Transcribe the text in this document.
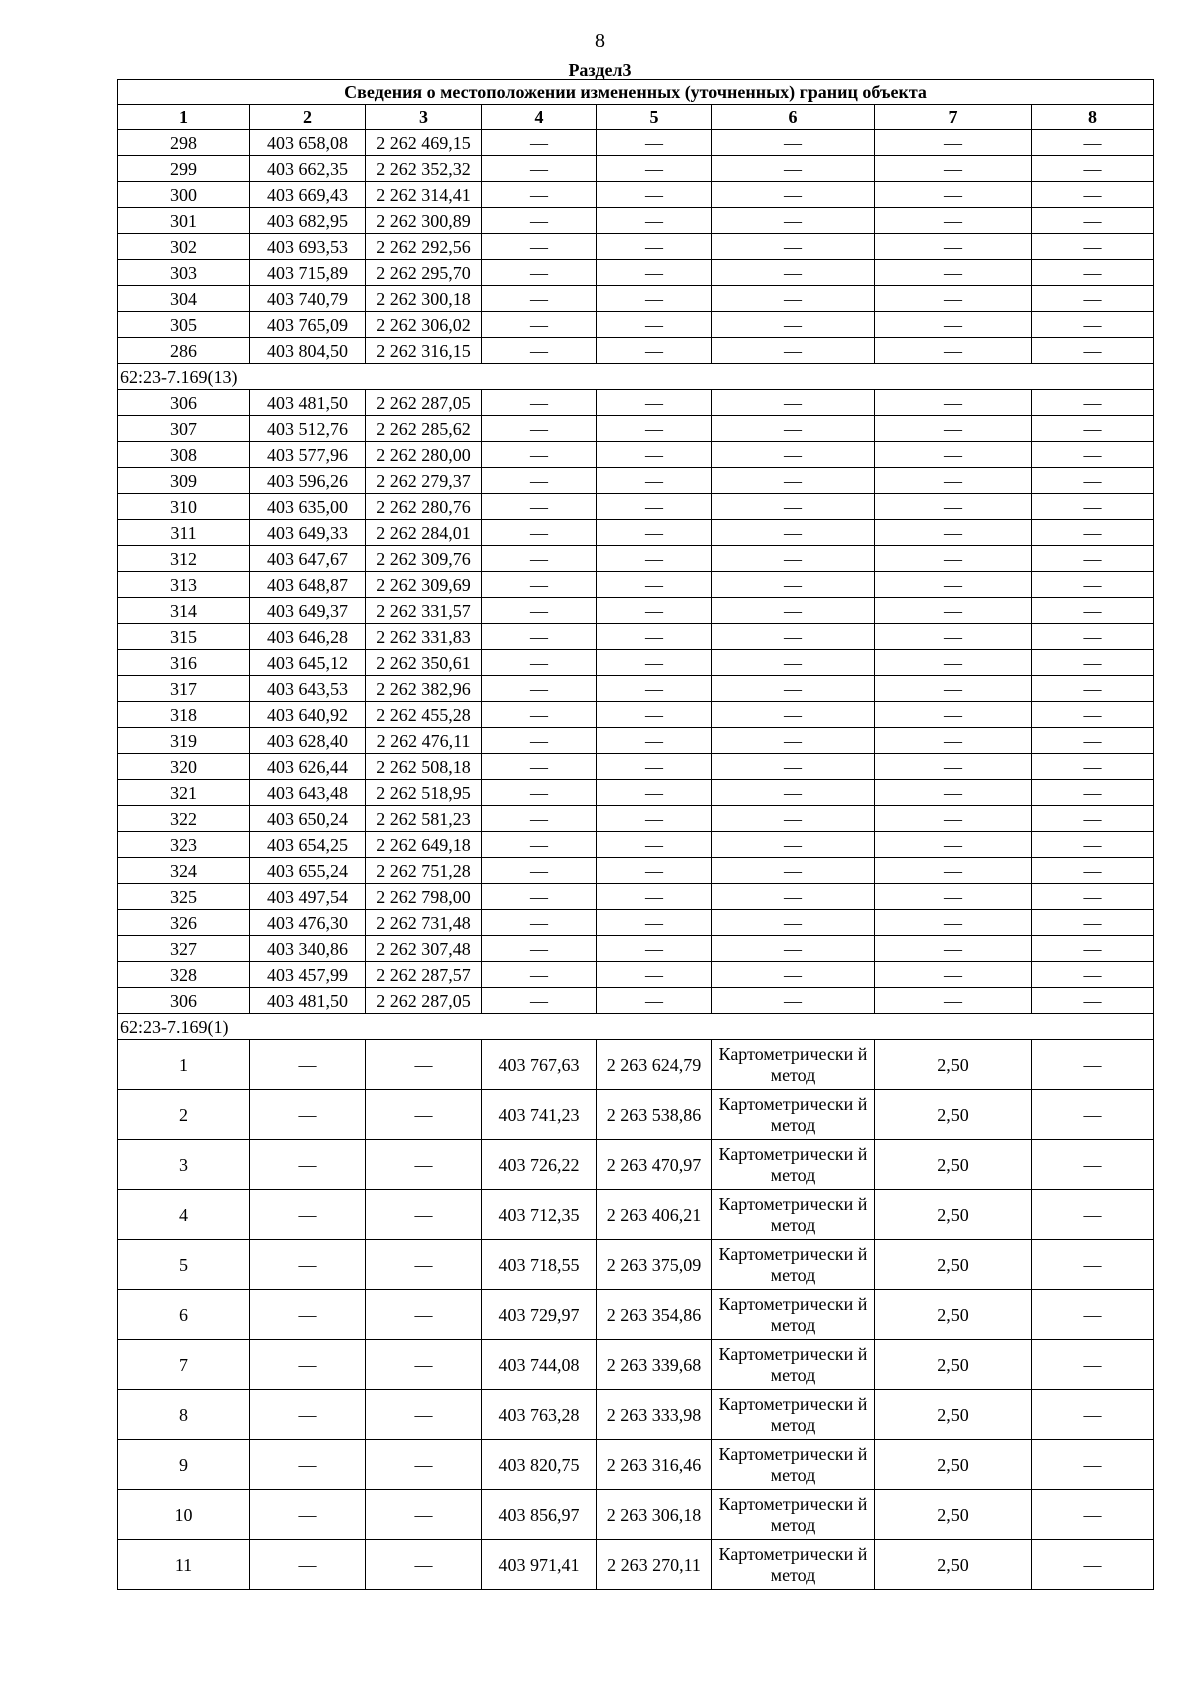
8
Раздел3
Сведения о местоположении измененных (уточненных) границ объекта							
1	2	3	4	5	6	7	8
298	403 658,08	2 262 469,15	—	—	—	—	—
299	403 662,35	2 262 352,32	—	—	—	—	—
300	403 669,43	2 262 314,41	—	—	—	—	—
301	403 682,95	2 262 300,89	—	—	—	—	—
302	403 693,53	2 262 292,56	—	—	—	—	—
303	403 715,89	2 262 295,70	—	—	—	—	—
304	403 740,79	2 262 300,18	—	—	—	—	—
305	403 765,09	2 262 306,02	—	—	—	—	—
286	403 804,50	2 262 316,15	—	—	—	—	—
62:23-7.169(13)							
306	403 481,50	2 262 287,05	—	—	—	—	—
307	403 512,76	2 262 285,62	—	—	—	—	—
308	403 577,96	2 262 280,00	—	—	—	—	—
309	403 596,26	2 262 279,37	—	—	—	—	—
310	403 635,00	2 262 280,76	—	—	—	—	—
311	403 649,33	2 262 284,01	—	—	—	—	—
312	403 647,67	2 262 309,76	—	—	—	—	—
313	403 648,87	2 262 309,69	—	—	—	—	—
314	403 649,37	2 262 331,57	—	—	—	—	—
315	403 646,28	2 262 331,83	—	—	—	—	—
316	403 645,12	2 262 350,61	—	—	—	—	—
317	403 643,53	2 262 382,96	—	—	—	—	—
318	403 640,92	2 262 455,28	—	—	—	—	—
319	403 628,40	2 262 476,11	—	—	—	—	—
320	403 626,44	2 262 508,18	—	—	—	—	—
321	403 643,48	2 262 518,95	—	—	—	—	—
322	403 650,24	2 262 581,23	—	—	—	—	—
323	403 654,25	2 262 649,18	—	—	—	—	—
324	403 655,24	2 262 751,28	—	—	—	—	—
325	403 497,54	2 262 798,00	—	—	—	—	—
326	403 476,30	2 262 731,48	—	—	—	—	—
327	403 340,86	2 262 307,48	—	—	—	—	—
328	403 457,99	2 262 287,57	—	—	—	—	—
306	403 481,50	2 262 287,05	—	—	—	—	—
62:23-7.169(1)							
1	—	—	403 767,63	2 263 624,79	Картометрически й метод	2,50	—
2	—	—	403 741,23	2 263 538,86	Картометрически й метод	2,50	—
3	—	—	403 726,22	2 263 470,97	Картометрически й метод	2,50	—
4	—	—	403 712,35	2 263 406,21	Картометрически й метод	2,50	—
5	—	—	403 718,55	2 263 375,09	Картометрически й метод	2,50	—
6	—	—	403 729,97	2 263 354,86	Картометрически й метод	2,50	—
7	—	—	403 744,08	2 263 339,68	Картометрически й метод	2,50	—
8	—	—	403 763,28	2 263 333,98	Картометрически й метод	2,50	—
9	—	—	403 820,75	2 263 316,46	Картометрически й метод	2,50	—
10	—	—	403 856,97	2 263 306,18	Картометрически й метод	2,50	—
11	—	—	403 971,41	2 263 270,11	Картометрически й метод	2,50	—
